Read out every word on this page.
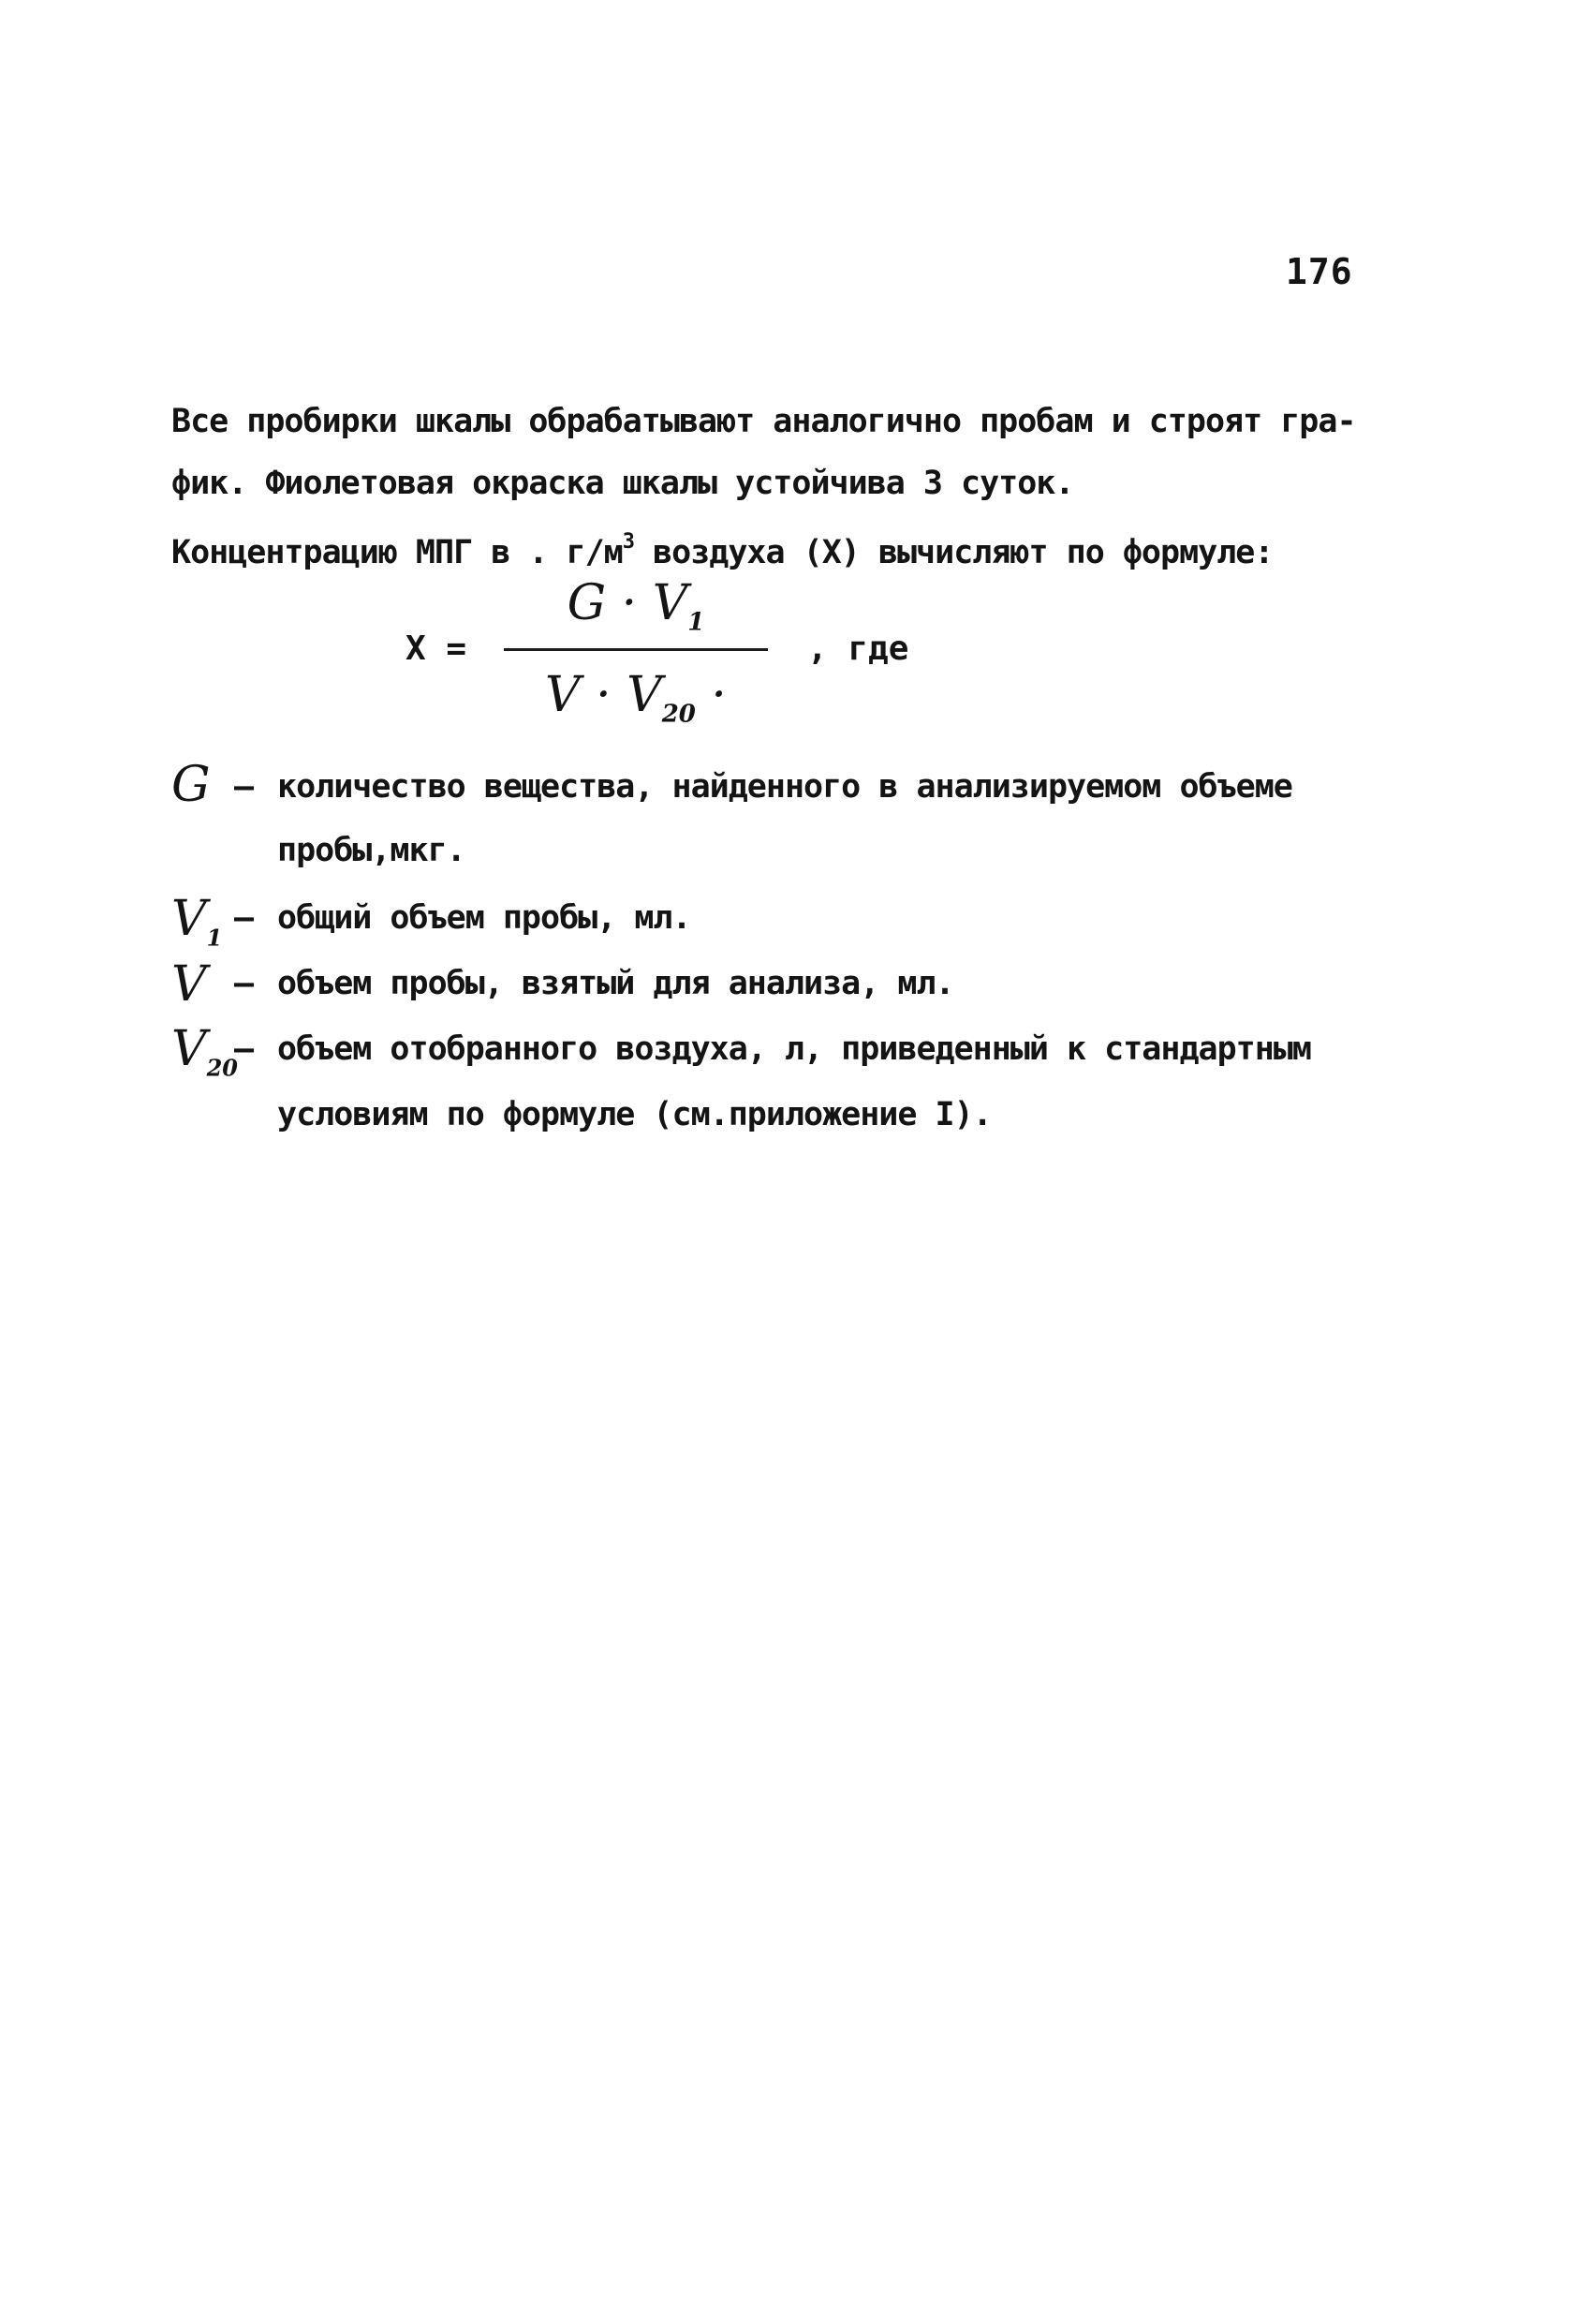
176
Все пробирки шкалы обрабатывают аналогично пробам и строят гра-
фик. Фиолетовая окраска шкалы устойчива 3 суток.
Концентрацию МПГ в . $г/м^3$ воздуха (X) вычисляют по формуле:
X =
$G \cdot V_1$
$V \cdot V_{20}$ ·
, где
G – количество вещества, найденного в анализируемом объеме
пробы,мкг.
$V_1$
– общий объем пробы, мл.
V – объем пробы, взятый для анализа, мл.
$V_{20}$
– объем отобранного воздуха, л, приведенный к стандартным
условиям по формуле (см.приложение I).
